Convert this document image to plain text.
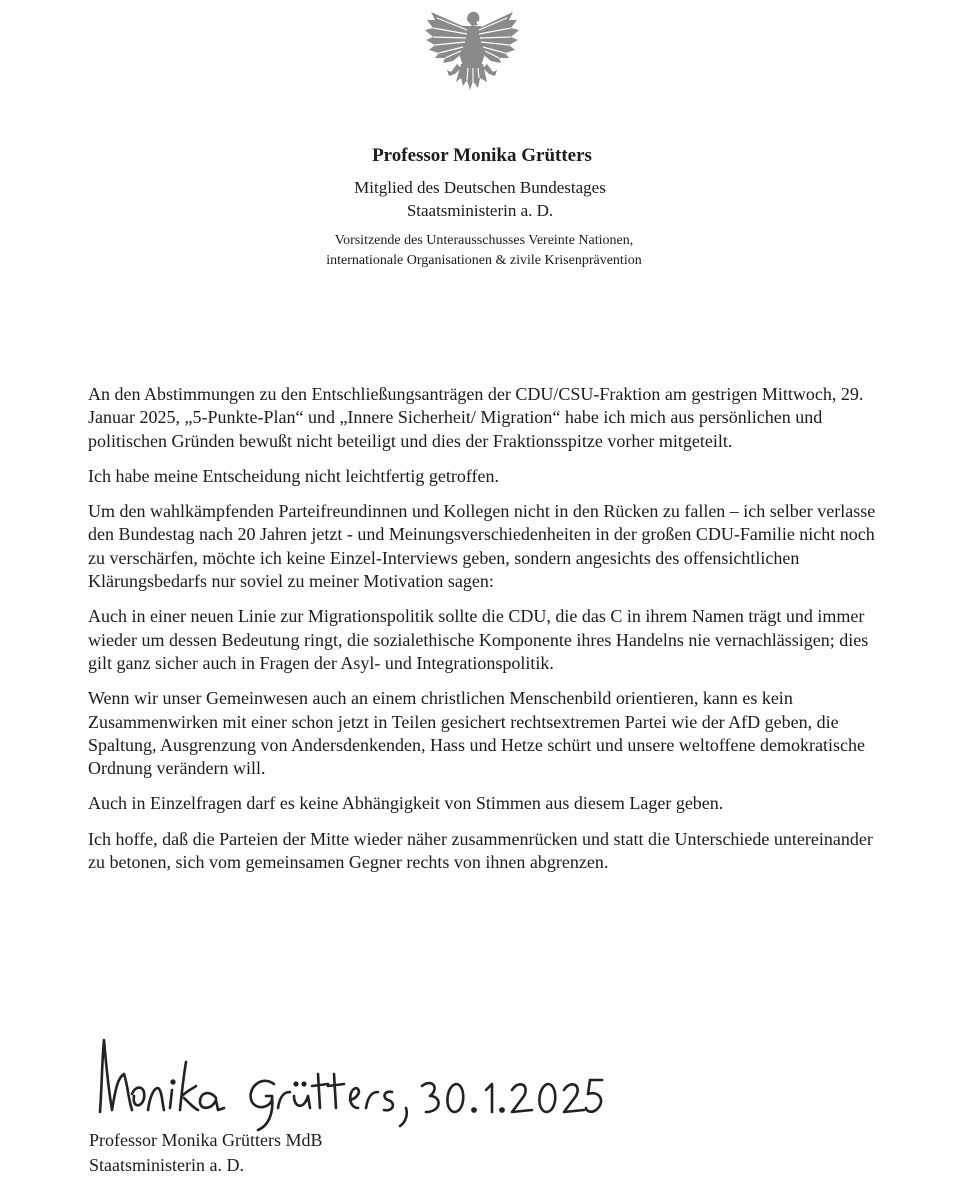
Professor Monika Grütters

Mitglied des Deutschen Bundestages

Staatsministerin a. D.

Vorsitzende des Unterausschusses Vereinte Nationen,

internationale Organisationen & zivile Krisenprävention

An den Abstimmungen zu den Entschließungsanträgen der CDU/CSU-Fraktion am gestrigen Mittwoch, 29. Januar 2025, „5-Punkte-Plan“ und „Innere Sicherheit/ Migration“ habe ich mich aus persönlichen und politischen Gründen bewußt nicht beteiligt und dies der Fraktionsspitze vorher mitgeteilt.

Ich habe meine Entscheidung nicht leichtfertig getroffen.

Um den wahlkämpfenden Parteifreundinnen und Kollegen nicht in den Rücken zu fallen – ich selber verlasse den Bundestag nach 20 Jahren jetzt - und Meinungsverschiedenheiten in der großen CDU-Familie nicht noch zu verschärfen, möchte ich keine Einzel-Interviews geben, sondern angesichts des offensichtlichen Klärungsbedarfs nur soviel zu meiner Motivation sagen:

Auch in einer neuen Linie zur Migrationspolitik sollte die CDU, die das C in ihrem Namen trägt und immer wieder um dessen Bedeutung ringt, die sozialethische Komponente ihres Handelns nie vernachlässigen; dies gilt ganz sicher auch in Fragen der Asyl- und Integrationspolitik.

Wenn wir unser Gemeinwesen auch an einem christlichen Menschenbild orientieren, kann es kein Zusammenwirken mit einer schon jetzt in Teilen gesichert rechtsextremen Partei wie der AfD geben, die Spaltung, Ausgrenzung von Andersdenkenden, Hass und Hetze schürt und unsere weltoffene demokratische Ordnung verändern will.

Auch in Einzelfragen darf es keine Abhängigkeit von Stimmen aus diesem Lager geben.

Ich hoffe, daß die Parteien der Mitte wieder näher zusammenrücken und statt die Unterschiede untereinander zu betonen, sich vom gemeinsamen Gegner rechts von ihnen abgrenzen.

Professor Monika Grütters MdB
Staatsministerin a. D.
